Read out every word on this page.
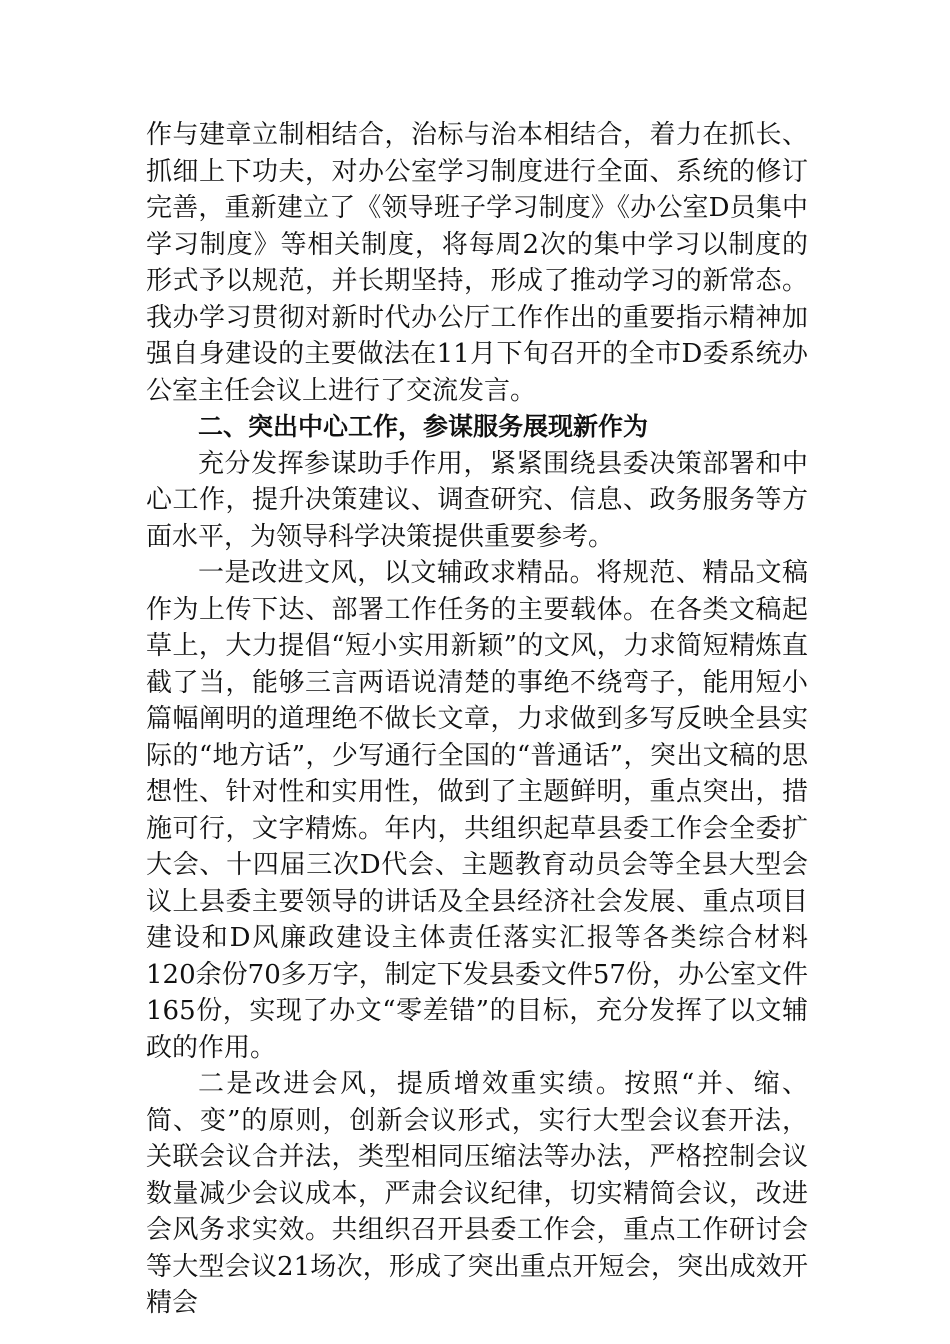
作与建章立制相结合，治标与治本相结合，着力在抓长、抓细上下功夫，对办公室学习制度进行全面、系统的修订完善，重新建立了《领导班子学习制度》《办公室D员集中学习制度》等相关制度，将每周2次的集中学习以制度的形式予以规范，并长期坚持，形成了推动学习的新常态。我办学习贯彻对新时代办公厅工作作出的重要指示精神加强自身建设的主要做法在11月下旬召开的全市D委系统办公室主任会议上进行了交流发言。

二、突出中心工作，参谋服务展现新作为

充分发挥参谋助手作用，紧紧围绕县委决策部署和中心工作，提升决策建议、调查研究、信息、政务服务等方面水平，为领导科学决策提供重要参考。

一是改进文风，以文辅政求精品。将规范、精品文稿作为上传下达、部署工作任务的主要载体。在各类文稿起草上，大力提倡“短小实用新颖”的文风，力求简短精炼直截了当，能够三言两语说清楚的事绝不绕弯子，能用短小篇幅阐明的道理绝不做长文章，力求做到多写反映全县实际的“地方话”，少写通行全国的“普通话”，突出文稿的思想性、针对性和实用性，做到了主题鲜明，重点突出，措施可行，文字精炼。年内，共组织起草县委工作会全委扩大会、十四届三次D代会、主题教育动员会等全县大型会议上县委主要领导的讲话及全县经济社会发展、重点项目建设和D风廉政建设主体责任落实汇报等各类综合材料120余份70多万字，制定下发县委文件57份，办公室文件165份，实现了办文“零差错”的目标，充分发挥了以文辅政的作用。

二是改进会风，提质增效重实绩。按照“并、缩、简、变”的原则，创新会议形式，实行大型会议套开法，关联会议合并法，类型相同压缩法等办法，严格控制会议数量减少会议成本，严肃会议纪律，切实精简会议，改进会风务求实效。共组织召开县委工作会，重点工作研讨会等大型会议21场次，形成了突出重点开短会，突出成效开精会
